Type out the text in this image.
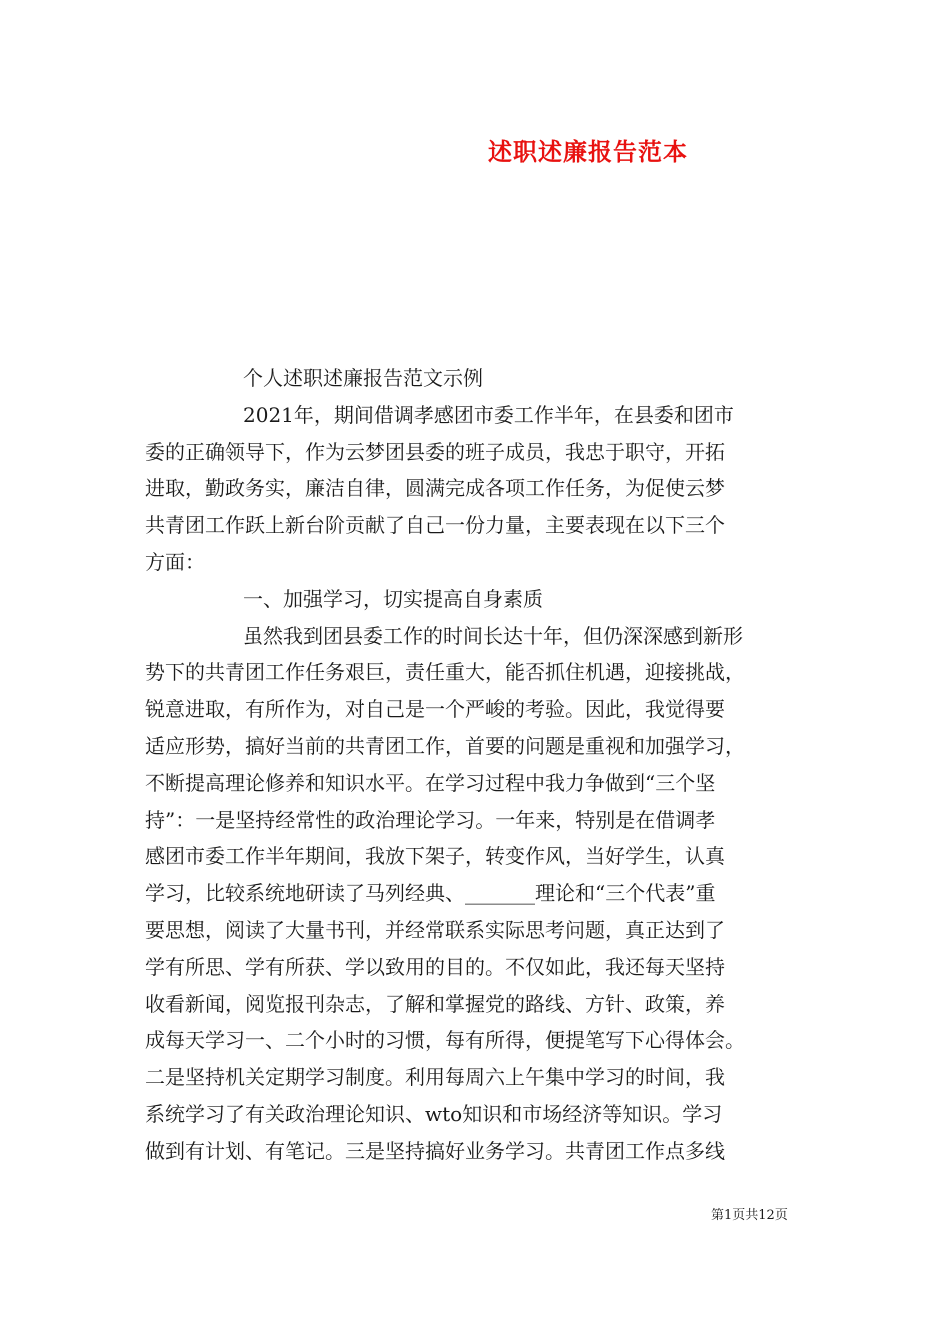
述职述廉报告范本
个人述职述廉报告范文示例
2021年，期间借调孝感团市委工作半年，在县委和团市
委的正确领导下，作为云梦团县委的班子成员，我忠于职守，开拓
进取，勤政务实，廉洁自律，圆满完成各项工作任务，为促使云梦
共青团工作跃上新台阶贡献了自己一份力量，主要表现在以下三个
方面：
一、加强学习，切实提高自身素质
虽然我到团县委工作的时间长达十年，但仍深深感到新形
势下的共青团工作任务艰巨，责任重大，能否抓住机遇，迎接挑战，
锐意进取，有所作为，对自己是一个严峻的考验。因此，我觉得要
适应形势，搞好当前的共青团工作，首要的问题是重视和加强学习，
不断提高理论修养和知识水平。在学习过程中我力争做到“三个坚
持”：一是坚持经常性的政治理论学习。一年来，特别是在借调孝
感团市委工作半年期间，我放下架子，转变作风，当好学生，认真
学习，比较系统地研读了马列经典、_______理论和“三个代表”重
要思想，阅读了大量书刊，并经常联系实际思考问题，真正达到了
学有所思、学有所获、学以致用的目的。不仅如此，我还每天坚持
收看新闻，阅览报刊杂志，了解和掌握党的路线、方针、政策，养
成每天学习一、二个小时的习惯，每有所得，便提笔写下心得体会。
二是坚持机关定期学习制度。利用每周六上午集中学习的时间，我
系统学习了有关政治理论知识、wto知识和市场经济等知识。学习
做到有计划、有笔记。三是坚持搞好业务学习。共青团工作点多线
第1页共12页
